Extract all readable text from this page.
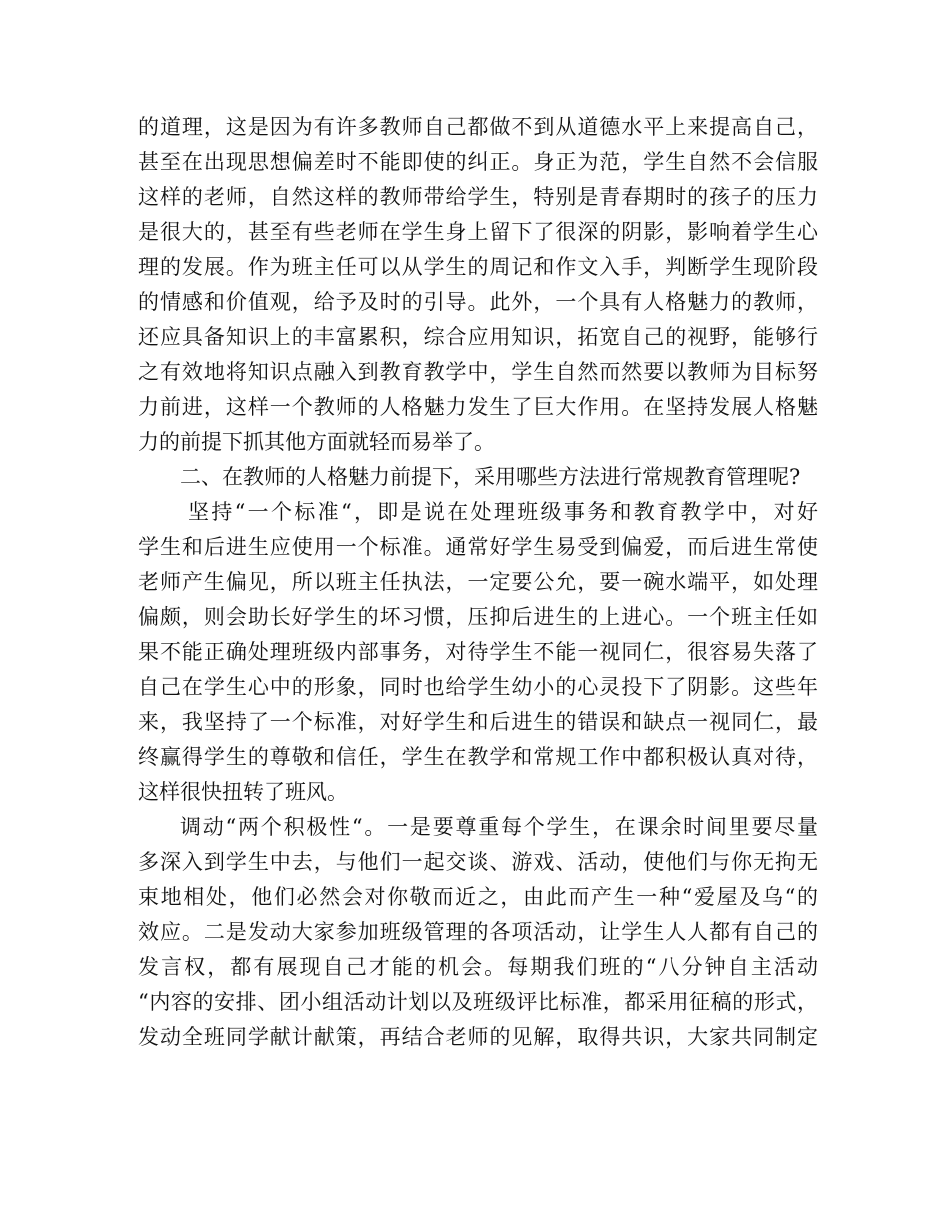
的道理，这是因为有许多教师自己都做不到从道德水平上来提高自己，
甚至在出现思想偏差时不能即使的纠正。身正为范，学生自然不会信服
这样的老师，自然这样的教师带给学生，特别是青春期时的孩子的压力
是很大的，甚至有些老师在学生身上留下了很深的阴影，影响着学生心
理的发展。作为班主任可以从学生的周记和作文入手，判断学生现阶段
的情感和价值观，给予及时的引导。此外，一个具有人格魅力的教师，
还应具备知识上的丰富累积，综合应用知识，拓宽自己的视野，能够行
之有效地将知识点融入到教育教学中，学生自然而然要以教师为目标努
力前进，这样一个教师的人格魅力发生了巨大作用。在坚持发展人格魅
力的前提下抓其他方面就轻而易举了。
二、在教师的人格魅力前提下，采用哪些方法进行常规教育管理呢?
坚持“一个标准“，即是说在处理班级事务和教育教学中，对好
学生和后进生应使用一个标准。通常好学生易受到偏爱，而后进生常使
老师产生偏见，所以班主任执法，一定要公允，要一碗水端平，如处理
偏颇，则会助长好学生的坏习惯，压抑后进生的上进心。一个班主任如
果不能正确处理班级内部事务，对待学生不能一视同仁，很容易失落了
自己在学生心中的形象，同时也给学生幼小的心灵投下了阴影。这些年
来，我坚持了一个标准，对好学生和后进生的错误和缺点一视同仁，最
终赢得学生的尊敬和信任，学生在教学和常规工作中都积极认真对待，
这样很快扭转了班风。
调动“两个积极性“。一是要尊重每个学生，在课余时间里要尽量
多深入到学生中去，与他们一起交谈、游戏、活动，使他们与你无拘无
束地相处，他们必然会对你敬而近之，由此而产生一种“爱屋及乌“的
效应。二是发动大家参加班级管理的各项活动，让学生人人都有自己的
发言权，都有展现自己才能的机会。每期我们班的“八分钟自主活动
“内容的安排、团小组活动计划以及班级评比标准，都采用征稿的形式，
发动全班同学献计献策，再结合老师的见解，取得共识，大家共同制定
